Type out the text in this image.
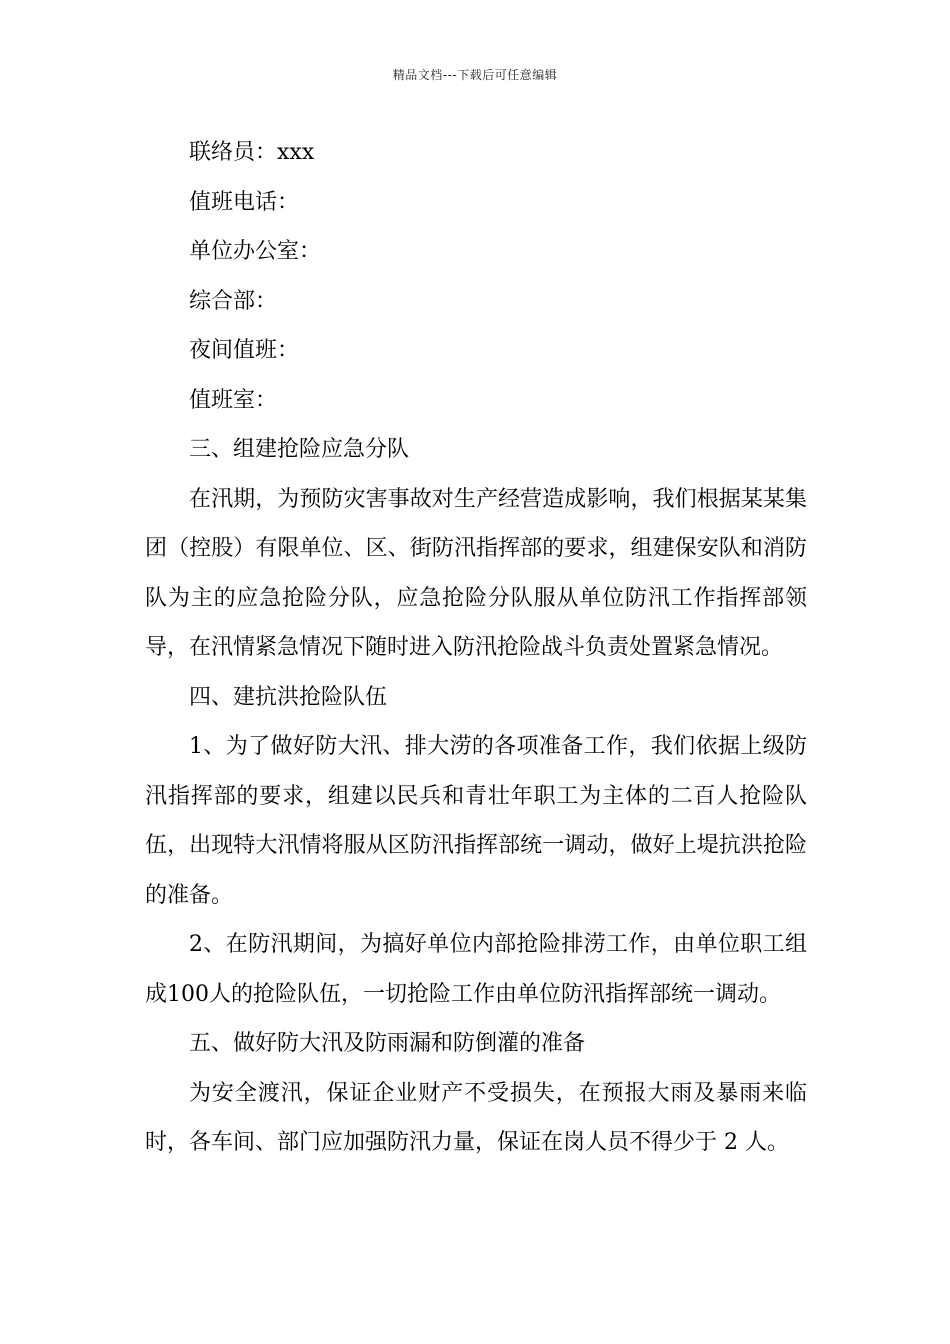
精品文档---下载后可任意编辑

联络员：xxx

值班电话：

单位办公室：

综合部：

夜间值班：

值班室：

三、组建抢险应急分队

在汛期，为预防灾害事故对生产经营造成影响，我们根据某某集团（控股）有限单位、区、街防汛指挥部的要求，组建保安队和消防队为主的应急抢险分队，应急抢险分队服从单位防汛工作指挥部领导，在汛情紧急情况下随时进入防汛抢险战斗负责处置紧急情况。

四、建抗洪抢险队伍

1、为了做好防大汛、排大涝的各项准备工作，我们依据上级防汛指挥部的要求，组建以民兵和青壮年职工为主体的二百人抢险队伍，出现特大汛情将服从区防汛指挥部统一调动，做好上堤抗洪抢险的准备。

2、在防汛期间，为搞好单位内部抢险排涝工作，由单位职工组成100人的抢险队伍，一切抢险工作由单位防汛指挥部统一调动。

五、做好防大汛及防雨漏和防倒灌的准备

为安全渡汛，保证企业财产不受损失，在预报大雨及暴雨来临时，各车间、部门应加强防汛力量，保证在岗人员不得少于 2 人。
